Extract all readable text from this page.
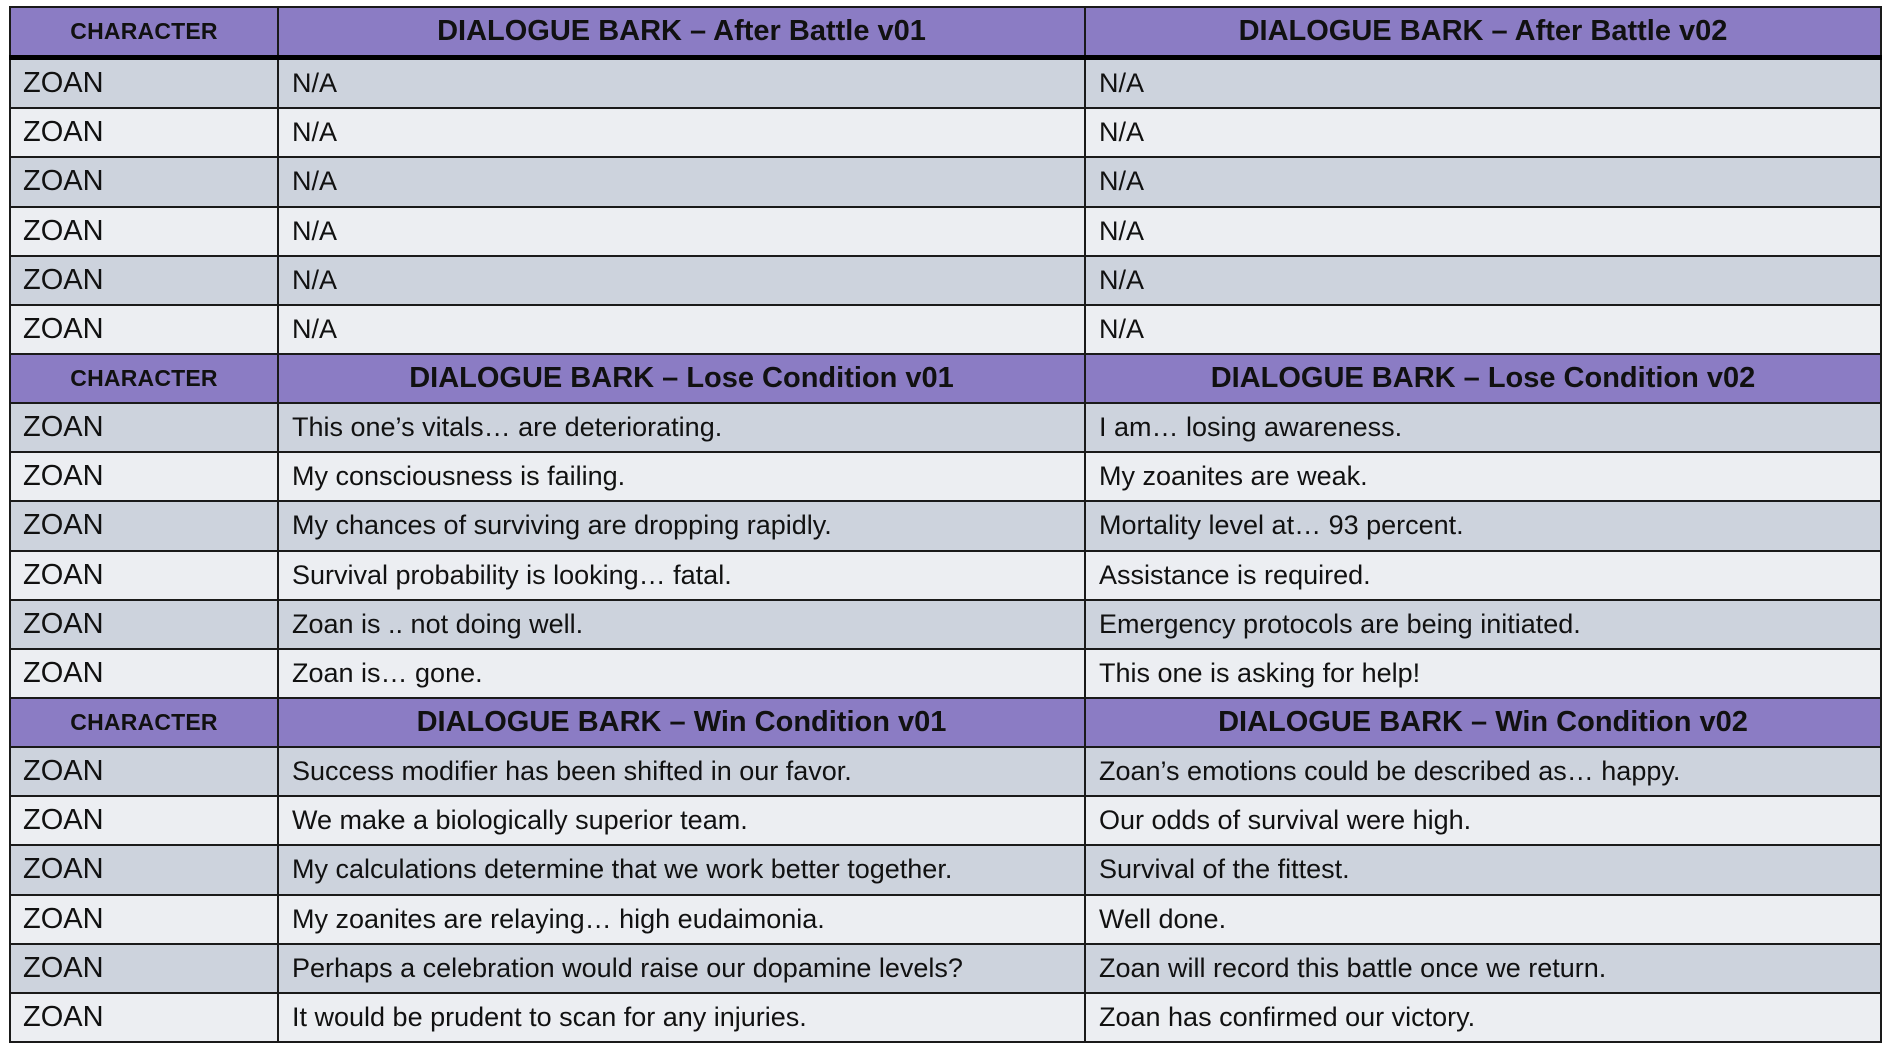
CHARACTER	DIALOGUE BARK – After Battle v01	DIALOGUE BARK – After Battle v02
ZOAN	N/A	N/A
ZOAN	N/A	N/A
ZOAN	N/A	N/A
ZOAN	N/A	N/A
ZOAN	N/A	N/A
ZOAN	N/A	N/A
CHARACTER	DIALOGUE BARK – Lose Condition v01	DIALOGUE BARK – Lose Condition v02
ZOAN	This one’s vitals… are deteriorating.	I am… losing awareness.
ZOAN	My consciousness is failing.	My zoanites are weak.
ZOAN	My chances of surviving are dropping rapidly.	Mortality level at… 93 percent.
ZOAN	Survival probability is looking… fatal.	Assistance is required.
ZOAN	Zoan is .. not doing well.	Emergency protocols are being initiated.
ZOAN	Zoan is… gone.	This one is asking for help!
CHARACTER	DIALOGUE BARK – Win Condition v01	DIALOGUE BARK – Win Condition v02
ZOAN	Success modifier has been shifted in our favor.	Zoan’s emotions could be described as… happy.
ZOAN	We make a biologically superior team.	Our odds of survival were high.
ZOAN	My calculations determine that we work better together.	Survival of the fittest.
ZOAN	My zoanites are relaying… high eudaimonia.	Well done.
ZOAN	Perhaps a celebration would raise our dopamine levels?	Zoan will record this battle once we return.
ZOAN	It would be prudent to scan for any injuries.	Zoan has confirmed our victory.
